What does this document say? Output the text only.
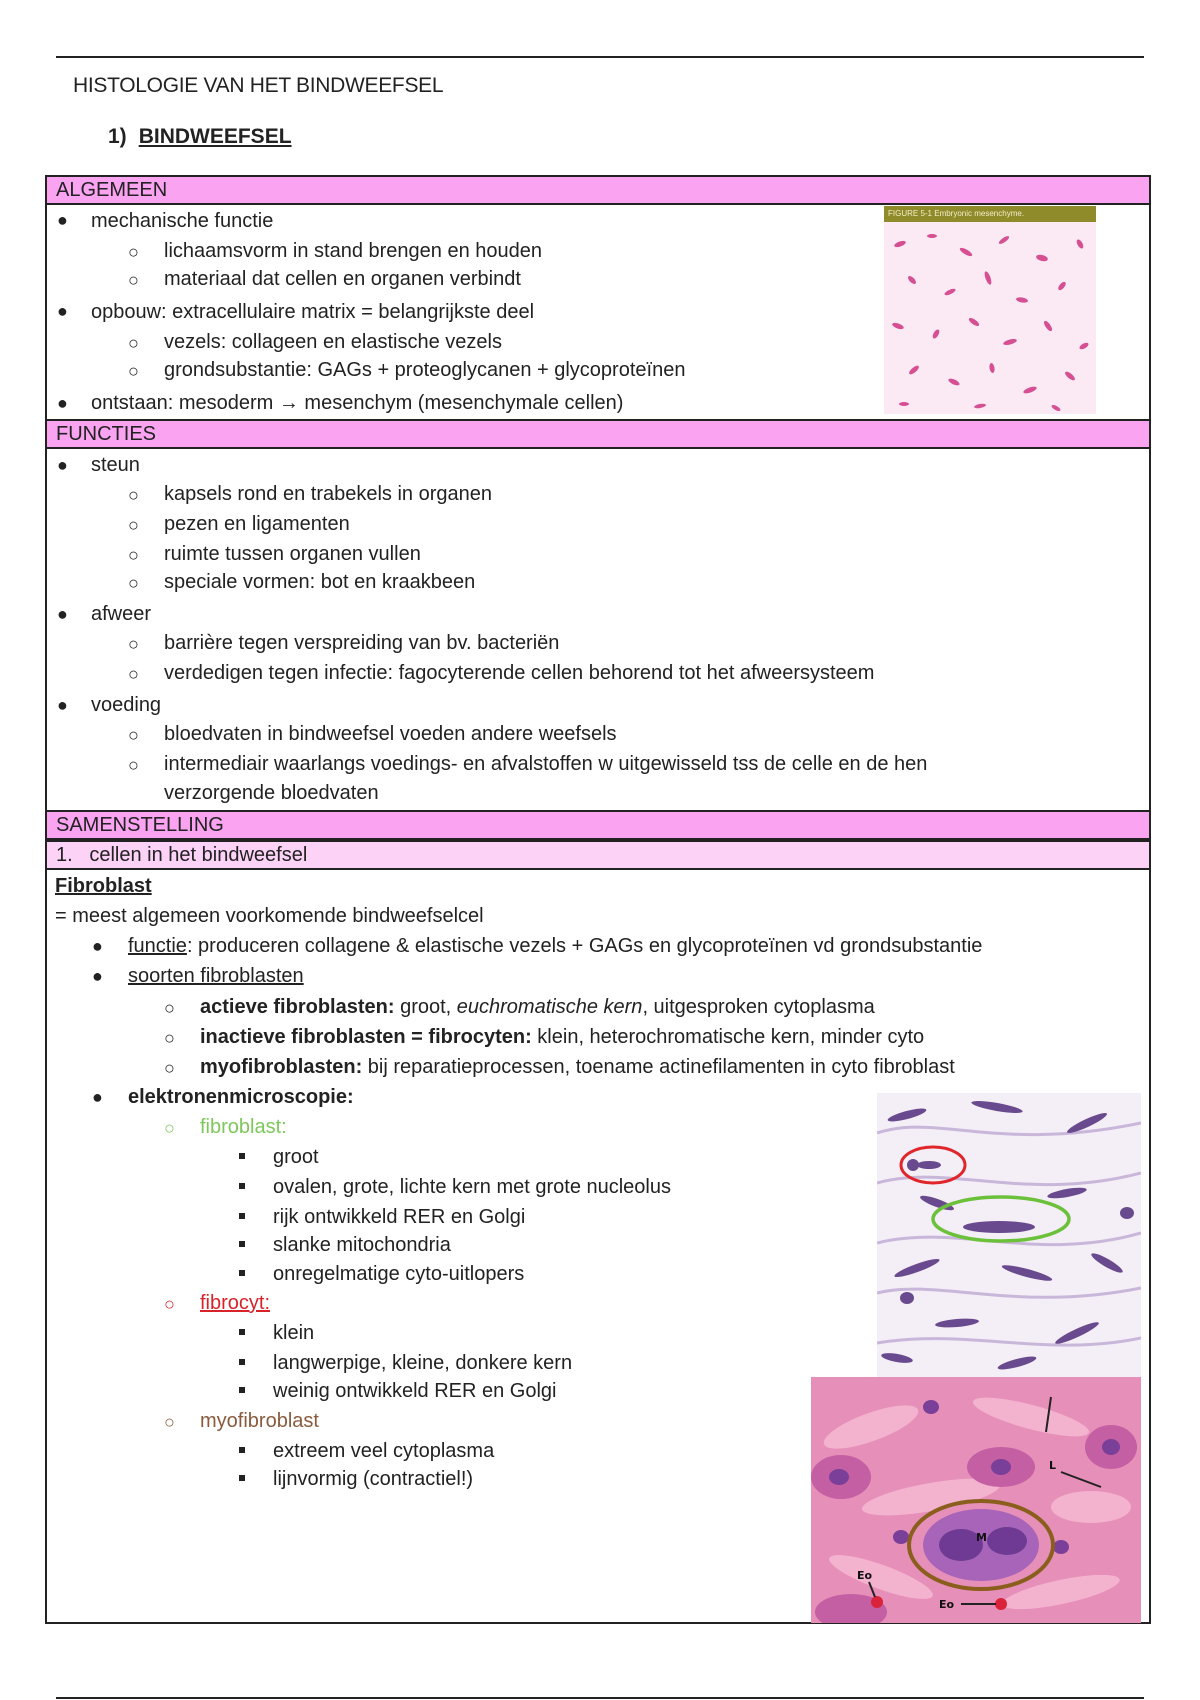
HISTOLOGIE VAN HET BINDWEEFSEL
1) BINDWEEFSEL
ALGEMEEN
● mechanische functie
○ lichaamsvorm in stand brengen en houden
○ materiaal dat cellen en organen verbindt
● opbouw: extracellulaire matrix = belangrijkste deel
○ vezels: collageen en elastische vezels
○ grondsubstantie: GAGs + proteoglycanen + glycoproteïnen
● ontstaan: mesoderm → mesenchym (mesenchymale cellen)
FIGURE 5-1 Embryonic mesenchyme.
FUNCTIES
● steun
○ kapsels rond en trabekels in organen
○ pezen en ligamenten
○ ruimte tussen organen vullen
○ speciale vormen: bot en kraakbeen
● afweer
○ barrière tegen verspreiding van bv. bacteriën
○ verdedigen tegen infectie: fagocyterende cellen behorend tot het afweersysteem
● voeding
○ bloedvaten in bindweefsel voeden andere weefsels
○ intermediair waarlangs voedings- en afvalstoffen w uitgewisseld tss de celle en de hen
verzorgende bloedvaten
SAMENSTELLING
1. cellen in het bindweefsel
Fibroblast
= meest algemeen voorkomende bindweefselcel
● functie: produceren collagene & elastische vezels + GAGs en glycoproteïnen vd grondsubstantie
● soorten fibroblasten
○ actieve fibroblasten: groot, euchromatische kern, uitgesproken cytoplasma
○ inactieve fibroblasten = fibrocyten: klein, heterochromatische kern, minder cyto
○ myofibroblasten: bij reparatieprocessen, toename actinefilamenten in cyto fibroblast
● elektronenmicroscopie:
○ fibroblast:
groot
ovalen, grote, lichte kern met grote nucleolus
rijk ontwikkeld RER en Golgi
slanke mitochondria
onregelmatige cyto-uitlopers
○ fibrocyt:
klein
langwerpige, kleine, donkere kern
weinig ontwikkeld RER en Golgi
○ myofibroblast
extreem veel cytoplasma
lijnvormig (contractiel!)
M
L
Eo
Eo
